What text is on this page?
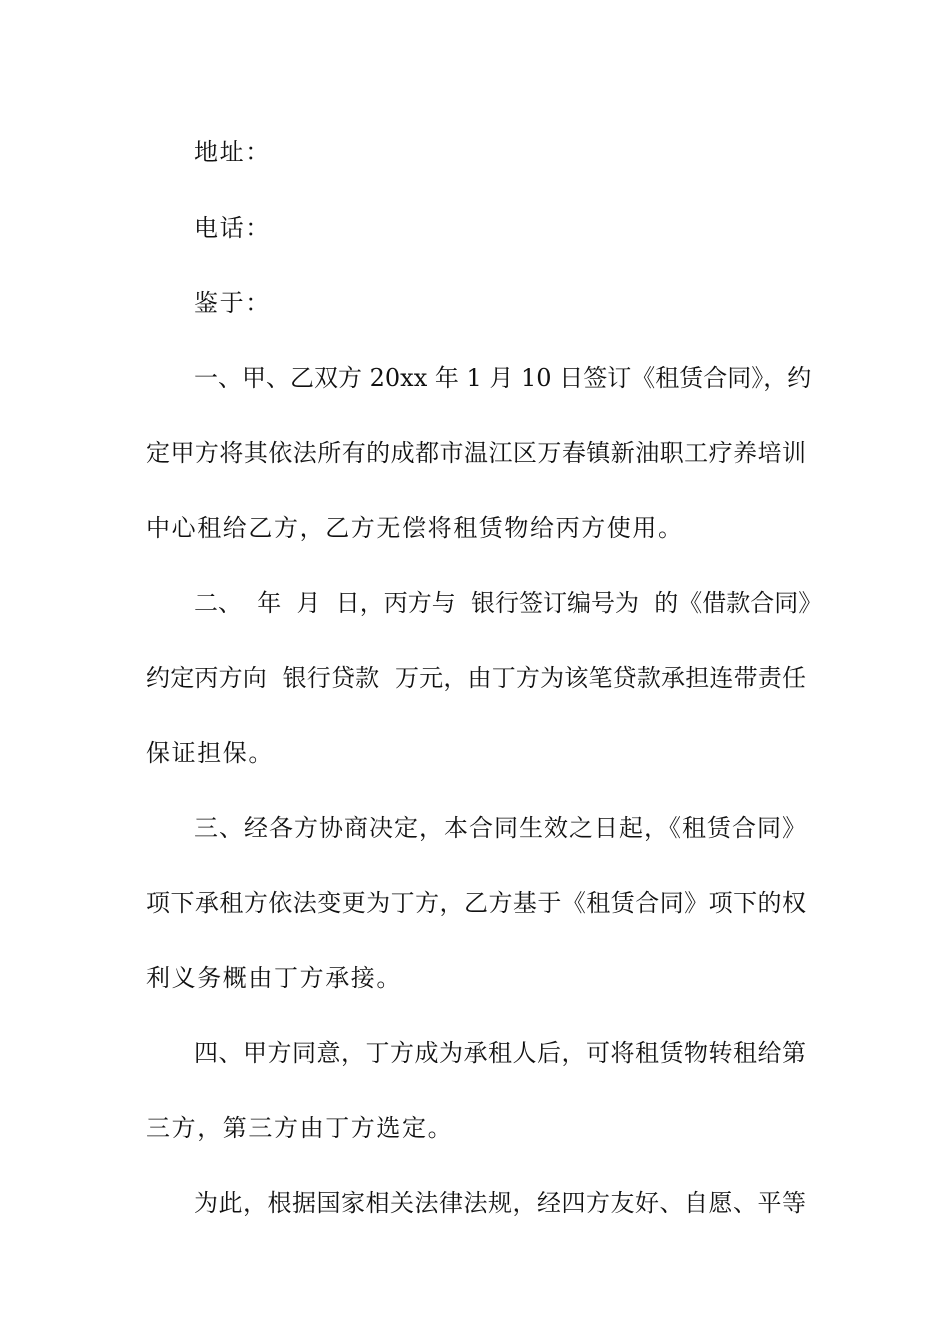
地址：
电话：
鉴于：
一、甲、乙双方 20xx 年 1 月 10 日签订《租赁合同》，约
定甲方将其依法所有的成都市温江区万春镇新油职工疗养培训
中心租给乙方，乙方无偿将租赁物给丙方使用。
二、  年  月  日，丙方与  银行签订编号为  的《借款合同》
约定丙方向  银行贷款  万元，由丁方为该笔贷款承担连带责任
保证担保。
三、经各方协商决定，本合同生效之日起，《租赁合同》
项下承租方依法变更为丁方，乙方基于《租赁合同》项下的权
利义务概由丁方承接。
四、甲方同意，丁方成为承租人后，可将租赁物转租给第
三方，第三方由丁方选定。
为此，根据国家相关法律法规，经四方友好、自愿、平等
